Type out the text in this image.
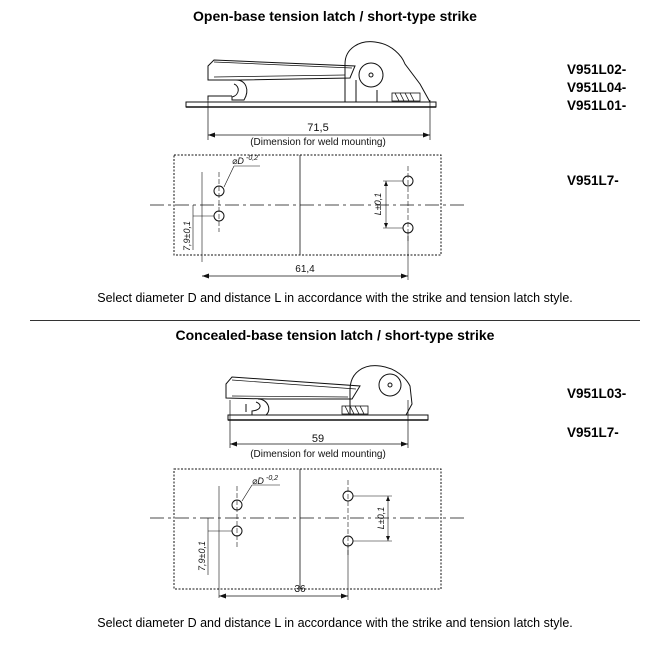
Open-base tension latch / short-type strike
V951L02-
V951L04-
V951L01-
V951L7-
Select diameter D and distance L in accordance with the strike and tension latch style.
Concealed-base tension latch / short-type strike
V951L03-
V951L7-
Select diameter D and distance L in accordance with the strike and tension latch style.
71,5
(Dimension for weld mounting)
⌀D -0,2
L±0,1
7,9±0,1
61,4
59
(Dimension for weld mounting)
⌀D -0,2
L±0,1
7,9±0,1
36
